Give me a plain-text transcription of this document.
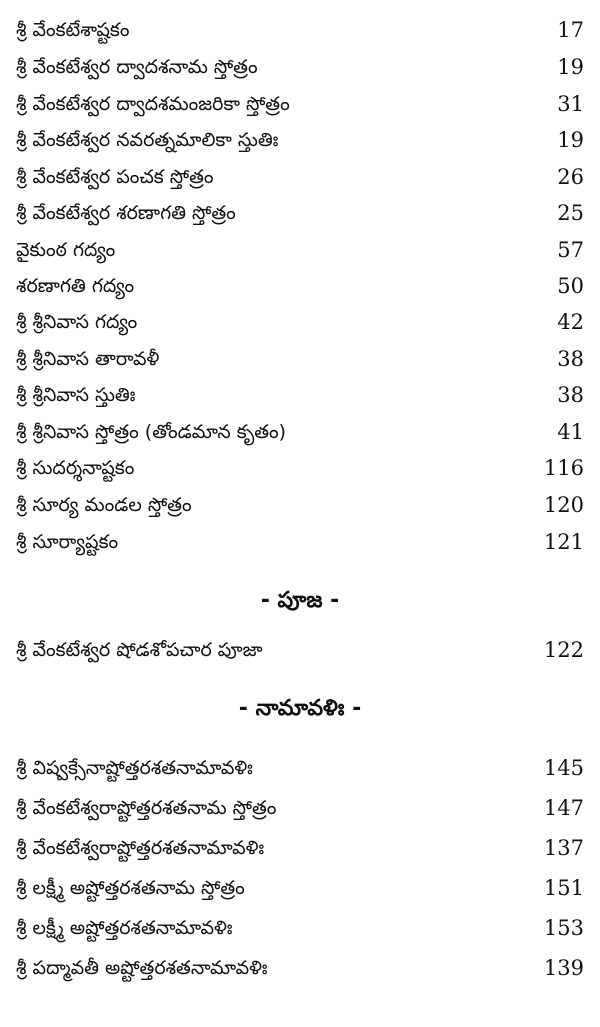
శ్రీ వేంకటేశాష్టకం	17
శ్రీ వేంకటేశ్వర ద్వాదశనామ స్తోత్రం	19
శ్రీ వేంకటేశ్వర ద్వాదశమంజరికా స్తోత్రం	31
శ్రీ వేంకటేశ్వర నవరత్నమాలికా స్తుతిః	19
శ్రీ వేంకటేశ్వర పంచక స్తోత్రం	26
శ్రీ వేంకటేశ్వర శరణాగతి స్తోత్రం	25
వైకుంఠ గద్యం	57
శరణాగతి గద్యం	50
శ్రీ శ్రీనివాస గద్యం	42
శ్రీ శ్రీనివాస తారావళీ	38
శ్రీ శ్రీనివాస స్తుతిః	38
శ్రీ శ్రీనివాస స్తోత్రం (తోండమాన కృతం)	41
శ్రీ సుదర్శనాష్టకం	116
శ్రీ సూర్య మండల స్తోత్రం	120
శ్రీ సూర్యాష్టకం	121
- పూజ -
శ్రీ వేంకటేశ్వర షోడశోపచార పూజా	122
- నామావళిః -
శ్రీ విష్వక్సేనాష్టోత్తరశతనామావళిః	145
శ్రీ వేంకటేశ్వరాష్టోత్తరశతనామ స్తోత్రం	147
శ్రీ వేంకటేశ్వరాష్టోత్తరశతనామావళిః	137
శ్రీ లక్ష్మీ అష్టోత్తరశతనామ స్తోత్రం	151
శ్రీ లక్ష్మీ అష్టోత్తరశతనామావళిః	153
శ్రీ పద్మావతీ అష్టోత్తరశతనామావళిః	139
